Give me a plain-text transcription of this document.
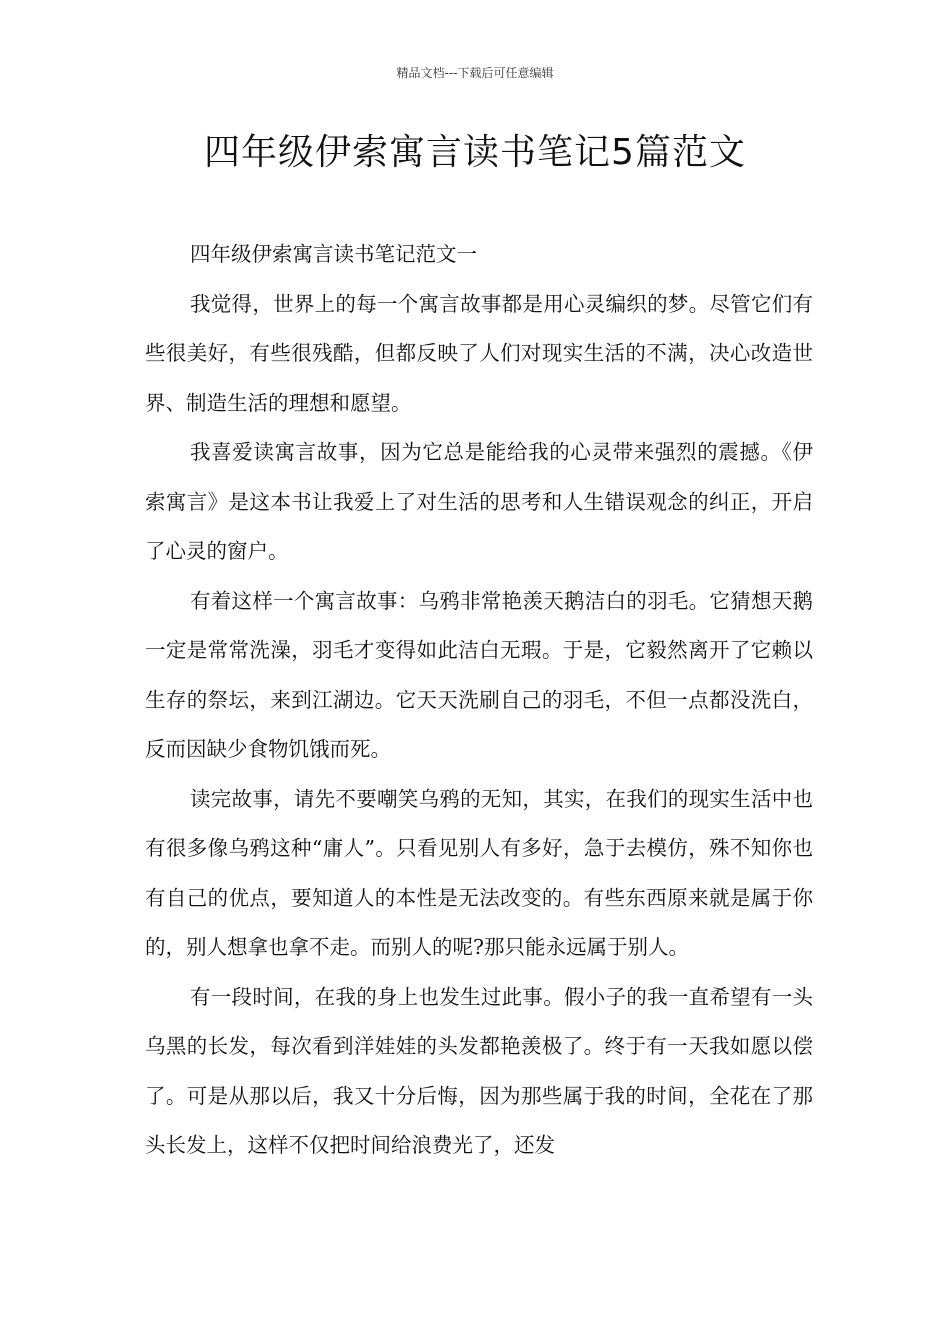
精品文档---下载后可任意编辑
四年级伊索寓言读书笔记5篇范文

四年级伊索寓言读书笔记范文一

我觉得，世界上的每一个寓言故事都是用心灵编织的梦。尽管它们有些很美好，有些很残酷，但都反映了人们对现实生活的不满，决心改造世界、制造生活的理想和愿望。

我喜爱读寓言故事，因为它总是能给我的心灵带来强烈的震撼。《伊索寓言》是这本书让我爱上了对生活的思考和人生错误观念的纠正，开启了心灵的窗户。

有着这样一个寓言故事：乌鸦非常艳羡天鹅洁白的羽毛。它猜想天鹅一定是常常洗澡，羽毛才变得如此洁白无瑕。于是，它毅然离开了它赖以生存的祭坛，来到江湖边。它天天洗刷自己的羽毛，不但一点都没洗白，反而因缺少食物饥饿而死。

读完故事，请先不要嘲笑乌鸦的无知，其实，在我们的现实生活中也有很多像乌鸦这种“庸人”。只看见别人有多好，急于去模仿，殊不知你也有自己的优点，要知道人的本性是无法改变的。有些东西原来就是属于你的，别人想拿也拿不走。而别人的呢?那只能永远属于别人。

有一段时间，在我的身上也发生过此事。假小子的我一直希望有一头乌黑的长发，每次看到洋娃娃的头发都艳羡极了。终于有一天我如愿以偿了。可是从那以后，我又十分后悔，因为那些属于我的时间，全花在了那头长发上，这样不仅把时间给浪费光了，还发
